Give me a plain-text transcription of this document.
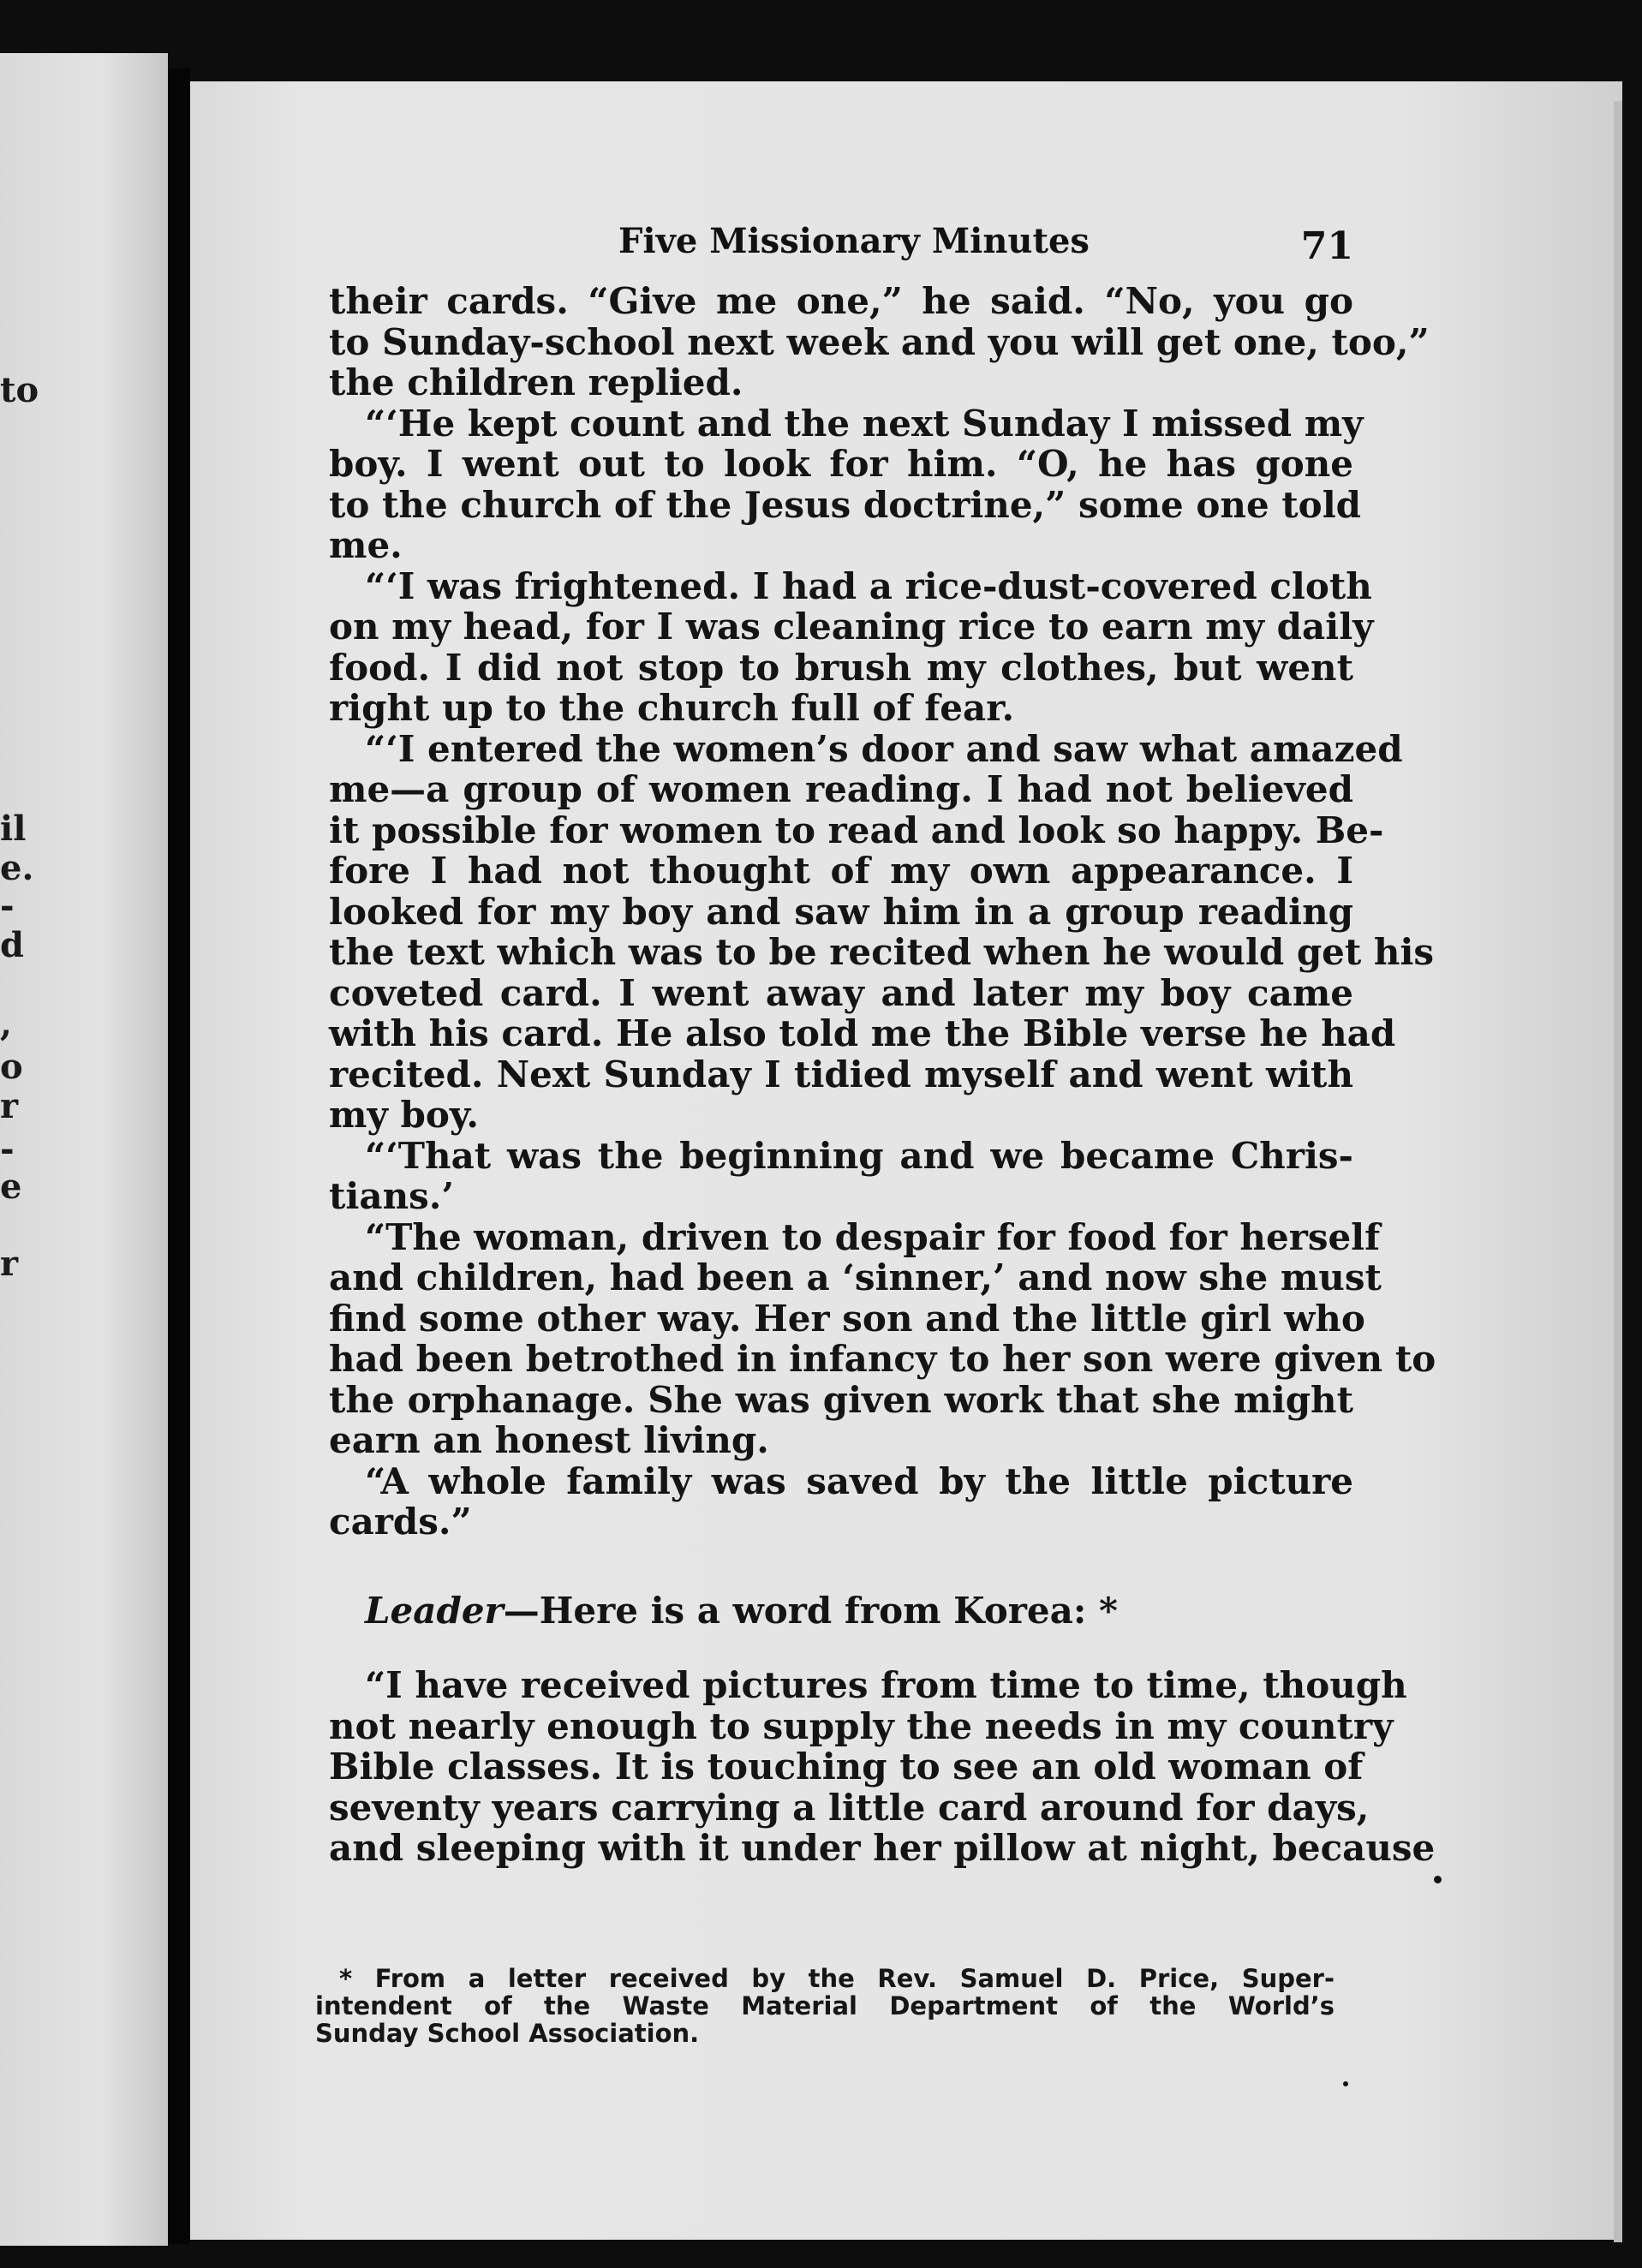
to
il
e.
-
d
,
o
r
-
e
r
Five Missionary Minutes	71
their cards. “Give me one,” he said. “No, you go
to Sunday-school next week and you will get one, too,”
the children replied.
“‘He kept count and the next Sunday I missed my
boy. I went out to look for him. “O, he has gone
to the church of the Jesus doctrine,” some one told
me.
“‘I was frightened. I had a rice-dust-covered cloth
on my head, for I was cleaning rice to earn my daily
food. I did not stop to brush my clothes, but went
right up to the church full of fear.
“‘I entered the women’s door and saw what amazed
me—a group of women reading. I had not believed
it possible for women to read and look so happy. Be-
fore I had not thought of my own appearance. I
looked for my boy and saw him in a group reading
the text which was to be recited when he would get his
coveted card. I went away and later my boy came
with his card. He also told me the Bible verse he had
recited. Next Sunday I tidied myself and went with
my boy.
“‘That was the beginning and we became Chris-
tians.’
“The woman, driven to despair for food for herself
and children, had been a ‘sinner,’ and now she must
find some other way. Her son and the little girl who
had been betrothed in infancy to her son were given to
the orphanage. She was given work that she might
earn an honest living.
“A whole family was saved by the little picture
cards.”
Leader—Here is a word from Korea: *
“I have received pictures from time to time, though
not nearly enough to supply the needs in my country
Bible classes. It is touching to see an old woman of
seventy years carrying a little card around for days,
and sleeping with it under her pillow at night, because
* From a letter received by the Rev. Samuel D. Price, Super-
intendent of the Waste Material Department of the World’s
Sunday School Association.
